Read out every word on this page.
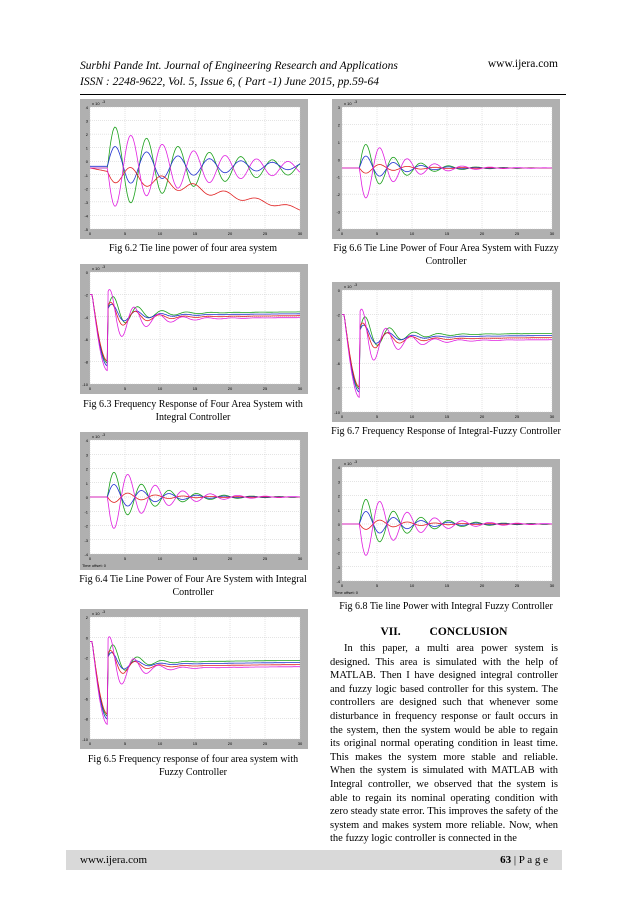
Surbhi Pande Int. Journal of Engineering Research and Applications
ISSN : 2248-9622, Vol. 5, Issue 6, ( Part -1) June 2015, pp.59-64
www.ijera.com
4
3
2
1
0
-1
-2
-3
-4
-5
0	5	10	15	20	25	30
x 10 -3
Fig 6.2 Tie line power of four area system
0
-2
-4
-6
-8
-10
0	5	10	15	20	25	30
x 10 -3
Fig 6.3 Frequency Response of Four Area System with Integral Controller
4
3
2
1
0
-1
-2
-3
-4
0	5	10	15	20	25	30
x 10 -3
Time offset: 0
Fig 6.4 Tie Line Power of Four Are System with Integral Controller
2
0
-2
-4
-6
-8
-10
0	5	10	15	20	25	30
x 10 -3
Fig 6.5 Frequency response of four area system with Fuzzy Controller
3
2
1
0
-1
-2
-3
-4
0	5	10	15	20	25	30
x 10 -3
Fig 6.6 Tie Line Power of Four Area System with Fuzzy Controller
0
-2
-4
-6
-8
-10
0	5	10	15	20	25	30
x 10 -3
Fig 6.7 Frequency Response of Integral-Fuzzy Controller
4
3
2
1
0
-1
-2
-3
-4
0	5	10	15	20	25	30
x 10 -3
Time offset: 0
Fig 6.8 Tie line Power with Integral Fuzzy Controller
VII.	CONCLUSION

In this paper, a multi area power system is designed. This area is simulated with the help of MATLAB. Then I have designed integral controller and fuzzy logic based controller for this system. The controllers are designed such that whenever some disturbance in frequency response or fault occurs in the system, then the system would be able to regain its original normal operating condition in least time. This makes the system more stable and reliable. When the system is simulated with MATLAB with Integral controller, we observed that the system is able to regain its nominal operating condition with zero steady state error. This improves the safety of the system and makes system more reliable. Now, when the fuzzy logic controller is connected in the

www.ijera.com	63 | P a g e
